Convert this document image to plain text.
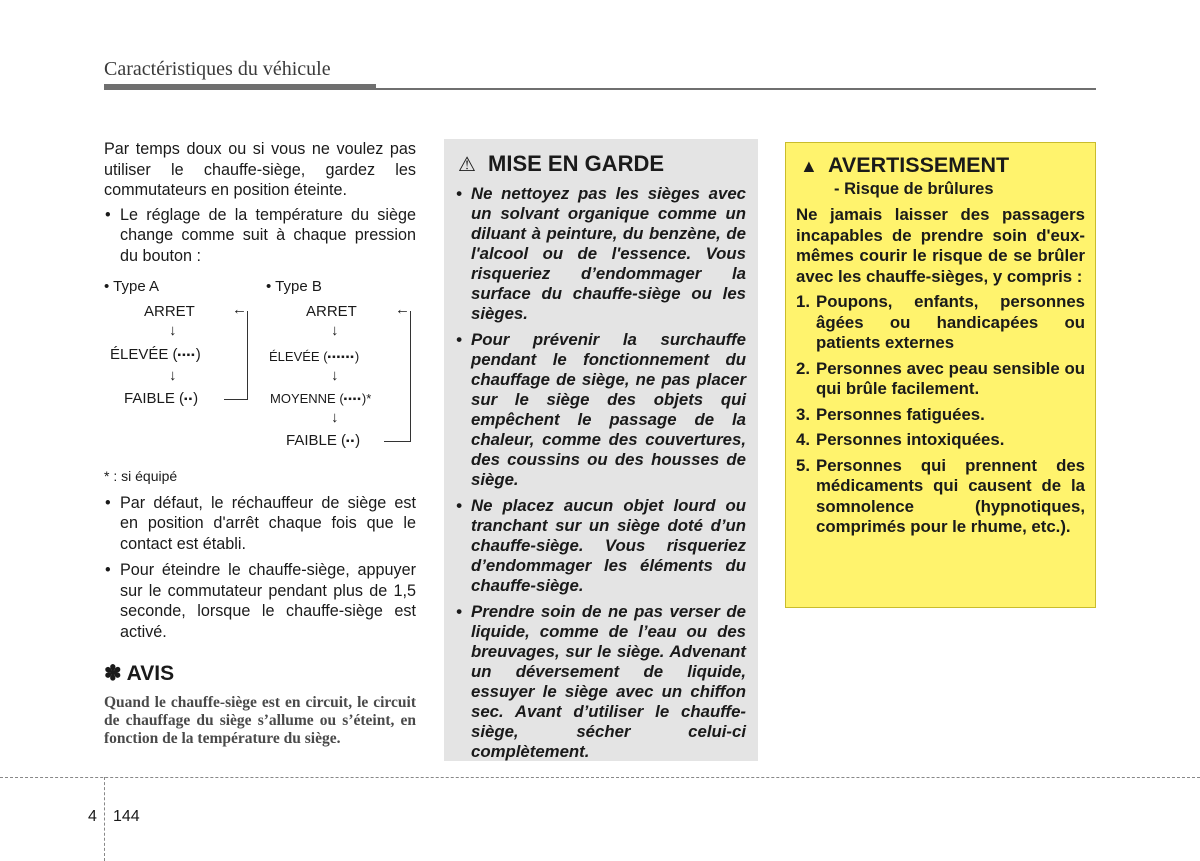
Caractéristiques du véhicule
Par temps doux ou si vous ne voulez pas utiliser le chauffe-siège, gardez les commutateurs en position éteinte.
• Le réglage de la température du siège change comme suit à chaque pression du bouton :
• Type A
ARRET
↓
ÉLEVÉE (▪▪▪▪)
↓
FAIBLE (▪▪)
←
• Type B
ARRET
↓
ÉLEVÉE (▪▪▪▪▪▪)
↓
MOYENNE (▪▪▪▪)*
↓
FAIBLE (▪▪)
←
* : si équipé
• Par défaut, le réchauffeur de siège est en position d'arrêt chaque fois que le contact est établi.
• Pour éteindre le chauffe-siège, appuyer sur le commutateur pendant plus de 1,5 seconde, lorsque le chauffe-siège est activé.
✽ AVIS
Quand le chauffe-siège est en circuit, le circuit de chauffage du siège s’allume ou s’éteint, en fonction de la température du siège.
⚠ MISE EN GARDE
• Ne nettoyez pas les sièges avec un solvant organique comme un diluant à peinture, du benzène, de l'alcool ou de l'essence. Vous risqueriez d’endommager la surface du chauffe-siège ou les sièges.
• Pour prévenir la surchauffe pendant le fonctionnement du chauffage de siège, ne pas placer sur le siège des objets qui empêchent le passage de la chaleur, comme des couvertures, des coussins ou des housses de siège.
• Ne placez aucun objet lourd ou tranchant sur un siège doté d’un chauffe-siège. Vous risqueriez d’endommager les éléments du chauffe-siège.
• Prendre soin de ne pas verser de liquide, comme de l’eau ou des breuvages, sur le siège. Advenant un déversement de liquide, essuyer le siège avec un chiffon sec. Avant d’utiliser le chauffe-siège, sécher celui-ci complètement.
▲ AVERTISSEMENT
- Risque de brûlures
Ne jamais laisser des passagers incapables de prendre soin d'eux-mêmes courir le risque de se brûler avec les chauffe-sièges, y compris :
1. Poupons, enfants, personnes âgées ou handicapées ou patients externes
2. Personnes avec peau sensible ou qui brûle facilement.
3. Personnes fatiguées.
4. Personnes intoxiquées.
5. Personnes qui prennent des médicaments qui causent de la somnolence (hypnotiques, comprimés pour le rhume, etc.).
4 144
